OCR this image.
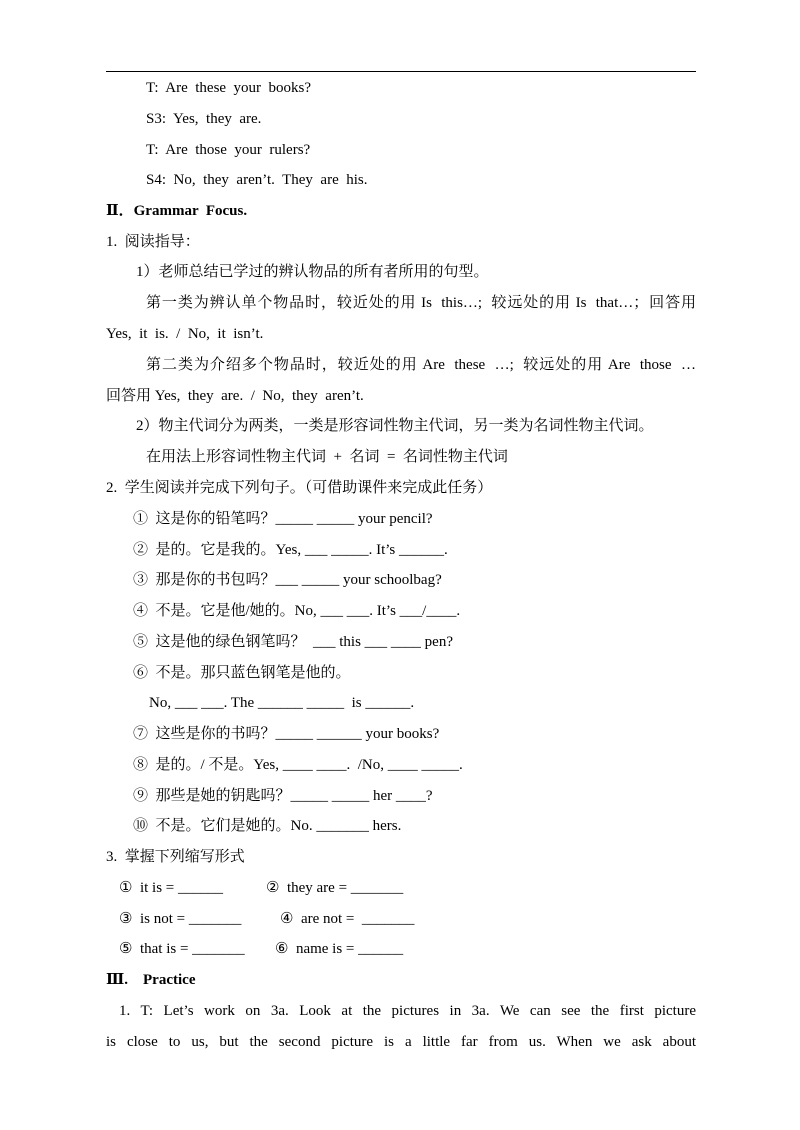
T:  Are  these  your  books?
S3:  Yes,  they  are.
T:  Are  those  your  rulers?
S4:  No,  they  aren’t.  They  are  his.
Ⅱ．Grammar  Focus.
1.  阅读指导：
1）老师总结已学过的辨认物品的所有者所用的句型。
第一类为辨认单个物品时，较近处的用 Is  this…;  较远处的用 Is  that…；回答用
Yes,  it  is.  /  No,  it  isn’t.
第二类为介绍多个物品时，较近处的用 Are  these  …;  较远处的用 Are  those  …
回答用 Yes,  they  are.  /  No,  they  aren’t.
2）物主代词分为两类，一类是形容词性物主代词，另一类为名词性物主代词。
在用法上形容词性物主代词  +  名词  =  名词性物主代词
2.  学生阅读并完成下列句子。（可借助课件来完成此任务）
①  这是你的铅笔吗？_____ _____ your pencil?
②  是的。它是我的。Yes, ___ _____. It’s ______.
③  那是你的书包吗？___ _____ your schoolbag?
④  不是。它是他/她的。No, ___ ___. It’s ___/____.
⑤  这是他的绿色钢笔吗？  ___ this ___ ____ pen?
⑥  不是。那只蓝色钢笔是他的。
No, ___ ___. The ______ _____  is ______.
⑦  这些是你的书吗？_____ ______ your books?
⑧  是的。/ 不是。Yes, ____ ____.  /No, ____ _____.
⑨  那些是她的钥匙吗？_____ _____ her ____?
⑩  不是。它们是她的。No. _______ hers.
3.  掌握下列缩写形式
①  it is = ______	②  they are = _______
③  is not = _______	④  are not =  _______
⑤  that is = _______ ⑥  name is = ______
Ⅲ.    Practice
1.  T:  Let’s  work  on  3a.  Look  at  the  pictures  in  3a.  We  can  see  the  first  picture
is  close  to  us,  but  the  second  picture  is  a  little  far  from  us.  When  we  ask  about
